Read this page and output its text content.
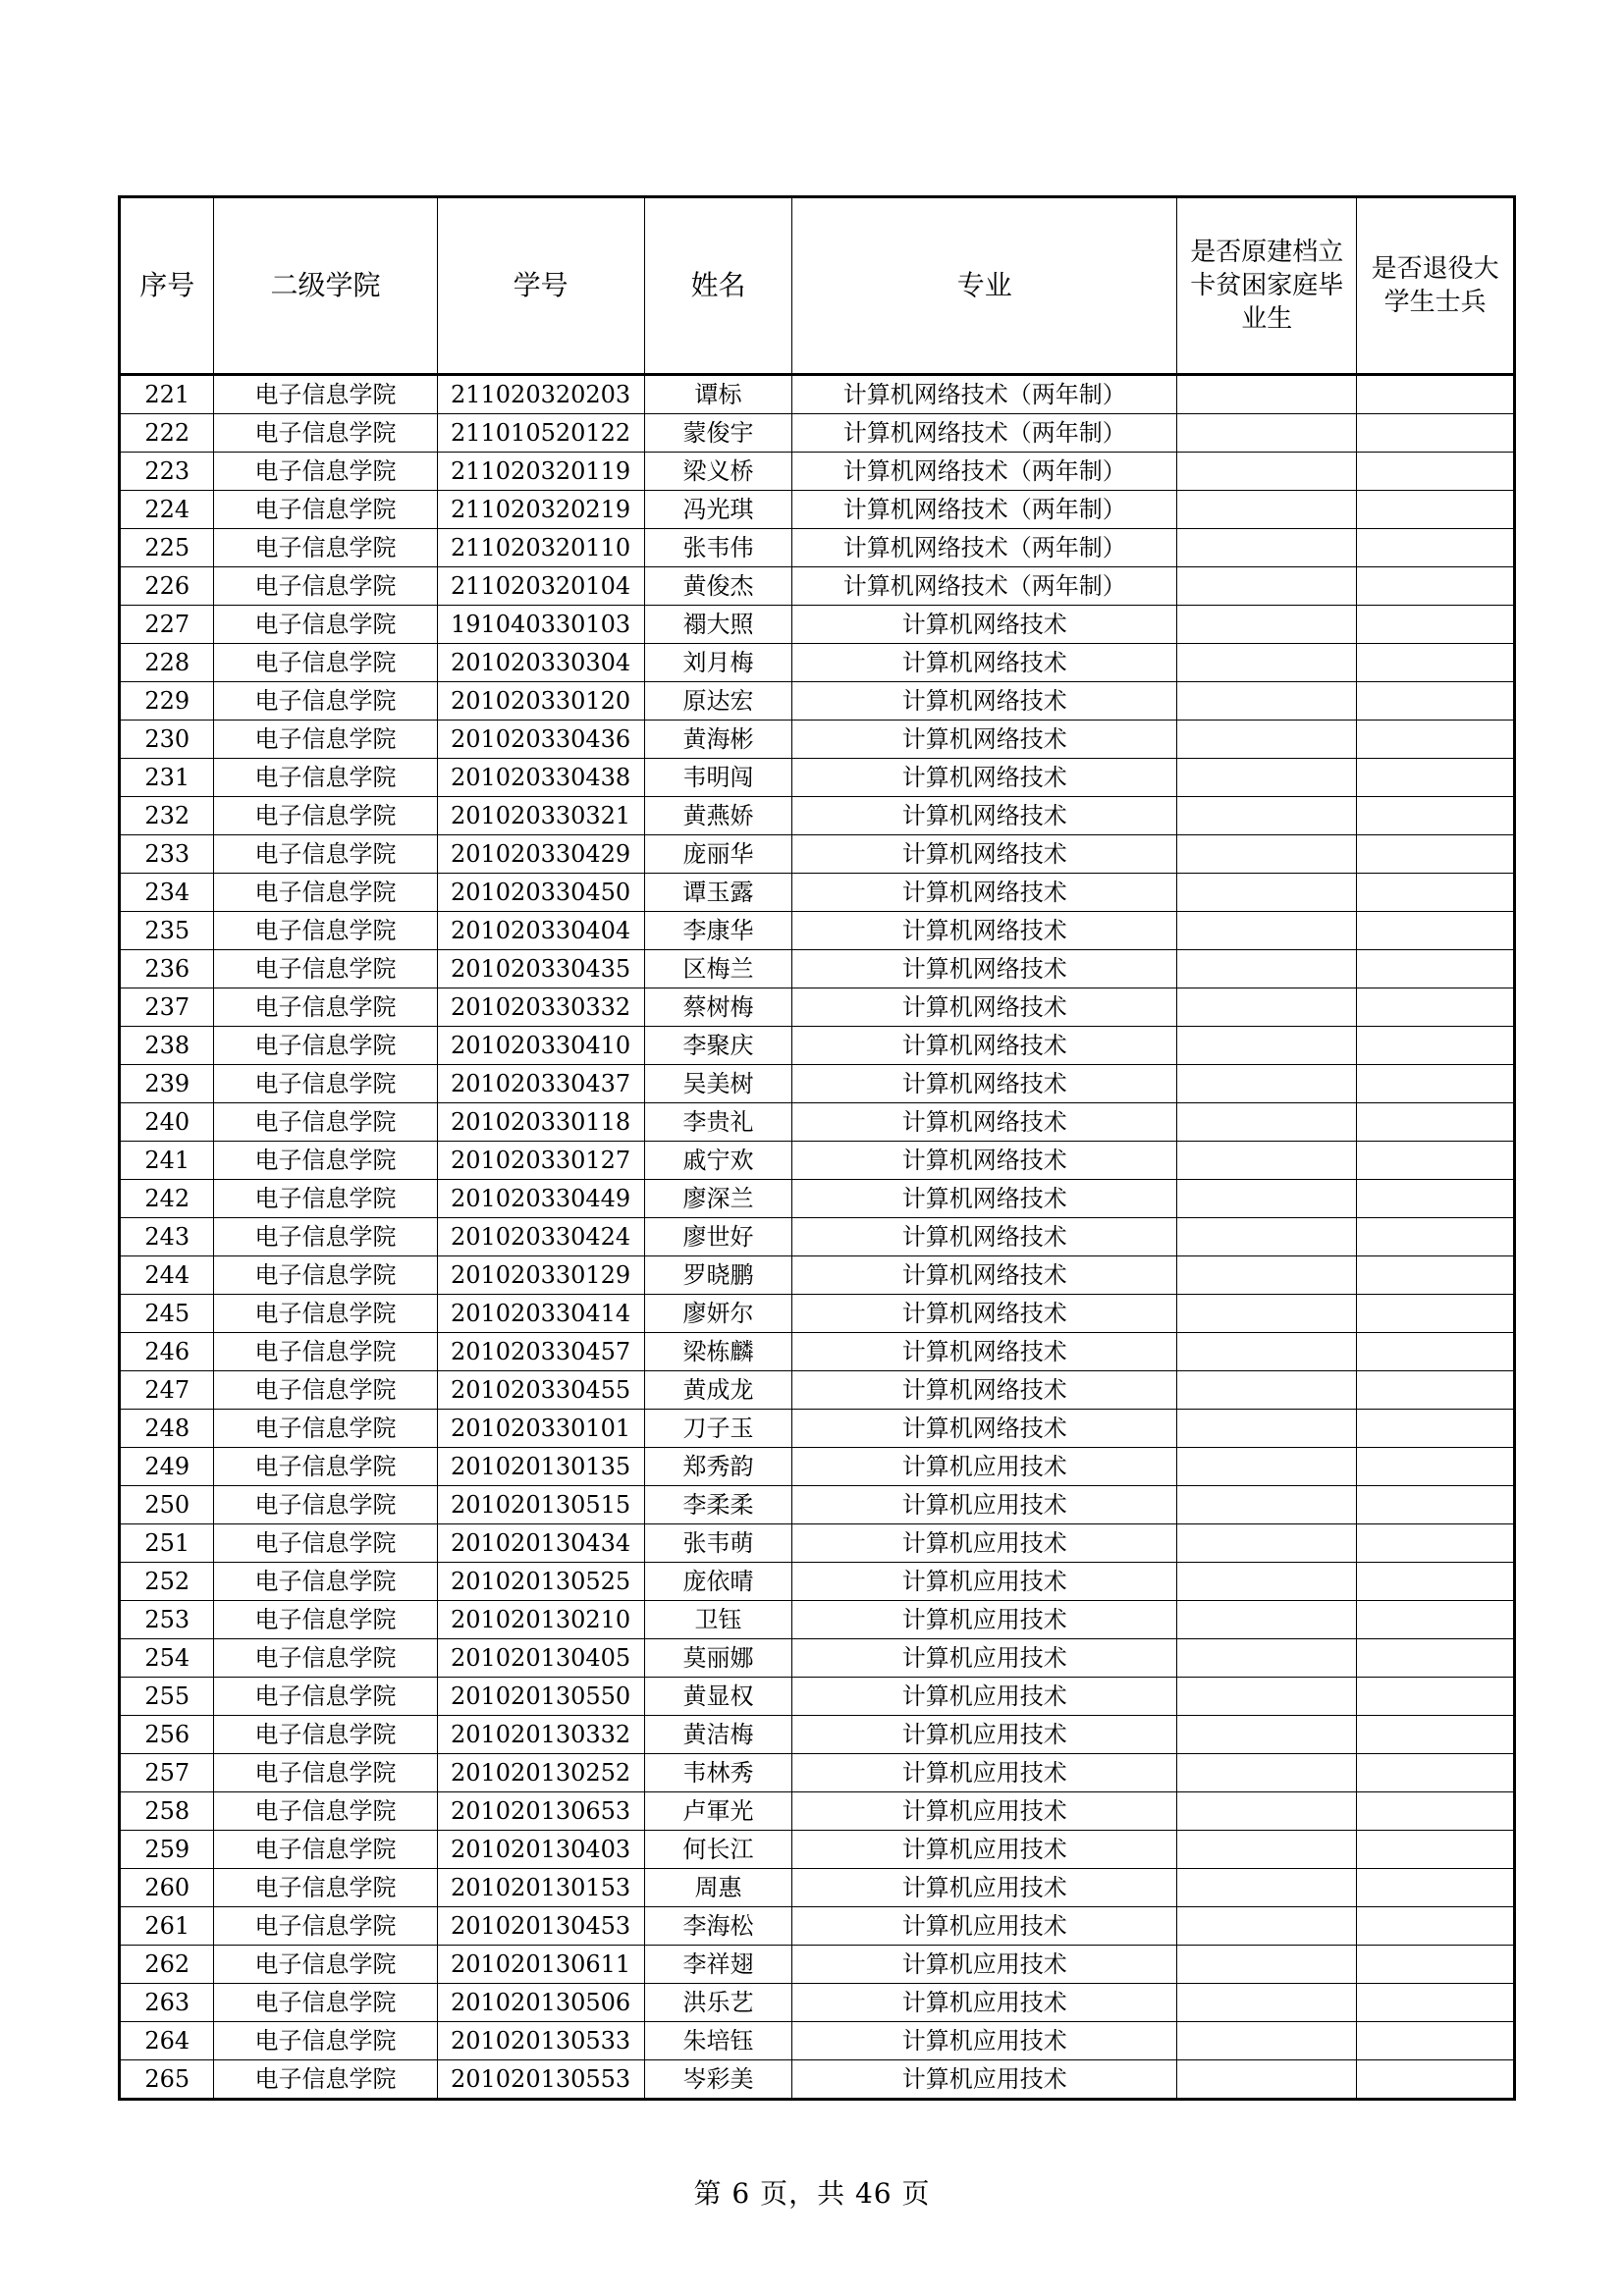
序号	二级学院	学号	姓名	专业	是否原建档立卡贫困家庭毕业生	是否退役大学生士兵
221	电子信息学院	211020320203	谭标	计算机网络技术（两年制）		
222	电子信息学院	211010520122	蒙俊宇	计算机网络技术（两年制）		
223	电子信息学院	211020320119	梁义桥	计算机网络技术（两年制）		
224	电子信息学院	211020320219	冯光琪	计算机网络技术（两年制）		
225	电子信息学院	211020320110	张韦伟	计算机网络技术（两年制）		
226	电子信息学院	211020320104	黄俊杰	计算机网络技术（两年制）		
227	电子信息学院	191040330103	禤大照	计算机网络技术		
228	电子信息学院	201020330304	刘月梅	计算机网络技术		
229	电子信息学院	201020330120	原达宏	计算机网络技术		
230	电子信息学院	201020330436	黄海彬	计算机网络技术		
231	电子信息学院	201020330438	韦明闯	计算机网络技术		
232	电子信息学院	201020330321	黄燕娇	计算机网络技术		
233	电子信息学院	201020330429	庞丽华	计算机网络技术		
234	电子信息学院	201020330450	谭玉露	计算机网络技术		
235	电子信息学院	201020330404	李康华	计算机网络技术		
236	电子信息学院	201020330435	区梅兰	计算机网络技术		
237	电子信息学院	201020330332	蔡树梅	计算机网络技术		
238	电子信息学院	201020330410	李聚庆	计算机网络技术		
239	电子信息学院	201020330437	吴美树	计算机网络技术		
240	电子信息学院	201020330118	李贵礼	计算机网络技术		
241	电子信息学院	201020330127	戚宁欢	计算机网络技术		
242	电子信息学院	201020330449	廖深兰	计算机网络技术		
243	电子信息学院	201020330424	廖世好	计算机网络技术		
244	电子信息学院	201020330129	罗晓鹏	计算机网络技术		
245	电子信息学院	201020330414	廖妍尔	计算机网络技术		
246	电子信息学院	201020330457	梁栋麟	计算机网络技术		
247	电子信息学院	201020330455	黄成龙	计算机网络技术		
248	电子信息学院	201020330101	刀子玉	计算机网络技术		
249	电子信息学院	201020130135	郑秀韵	计算机应用技术		
250	电子信息学院	201020130515	李柔柔	计算机应用技术		
251	电子信息学院	201020130434	张韦萌	计算机应用技术		
252	电子信息学院	201020130525	庞依晴	计算机应用技术		
253	电子信息学院	201020130210	卫钰	计算机应用技术		
254	电子信息学院	201020130405	莫丽娜	计算机应用技术		
255	电子信息学院	201020130550	黄显权	计算机应用技术		
256	电子信息学院	201020130332	黄洁梅	计算机应用技术		
257	电子信息学院	201020130252	韦林秀	计算机应用技术		
258	电子信息学院	201020130653	卢軍光	计算机应用技术		
259	电子信息学院	201020130403	何长江	计算机应用技术		
260	电子信息学院	201020130153	周惠	计算机应用技术		
261	电子信息学院	201020130453	李海松	计算机应用技术		
262	电子信息学院	201020130611	李祥翅	计算机应用技术		
263	电子信息学院	201020130506	洪乐艺	计算机应用技术		
264	电子信息学院	201020130533	朱培钰	计算机应用技术		
265	电子信息学院	201020130553	岑彩美	计算机应用技术		
第 6 页，共 46 页
